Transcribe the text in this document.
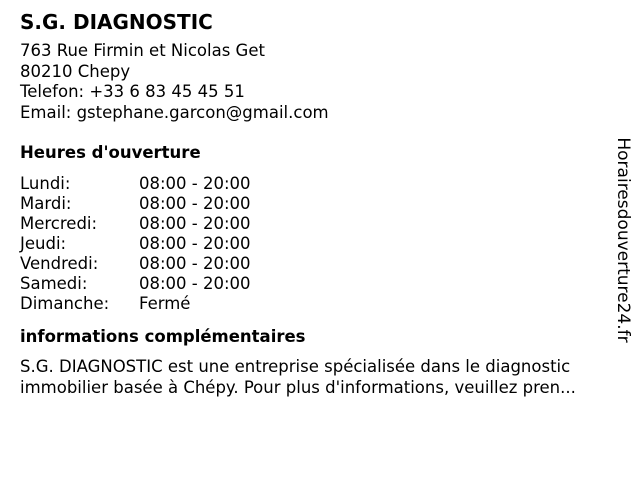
S.G. DIAGNOSTIC
763 Rue Firmin et Nicolas Get
80210 Chepy
Telefon: +33 6 83 45 45 51
Email: gstephane.garcon@gmail.com
Heures d'ouverture
Lundi:	08:00 - 20:00
Mardi:	08:00 - 20:00
Mercredi:	08:00 - 20:00
Jeudi:	08:00 - 20:00
Vendredi:	08:00 - 20:00
Samedi:	08:00 - 20:00
Dimanche:	Fermé
informations complémentaires
S.G. DIAGNOSTIC est une entreprise spécialisée dans le diagnostic
immobilier basée à Chépy. Pour plus d'informations, veuillez pren...
Horairesdouverture24.fr
